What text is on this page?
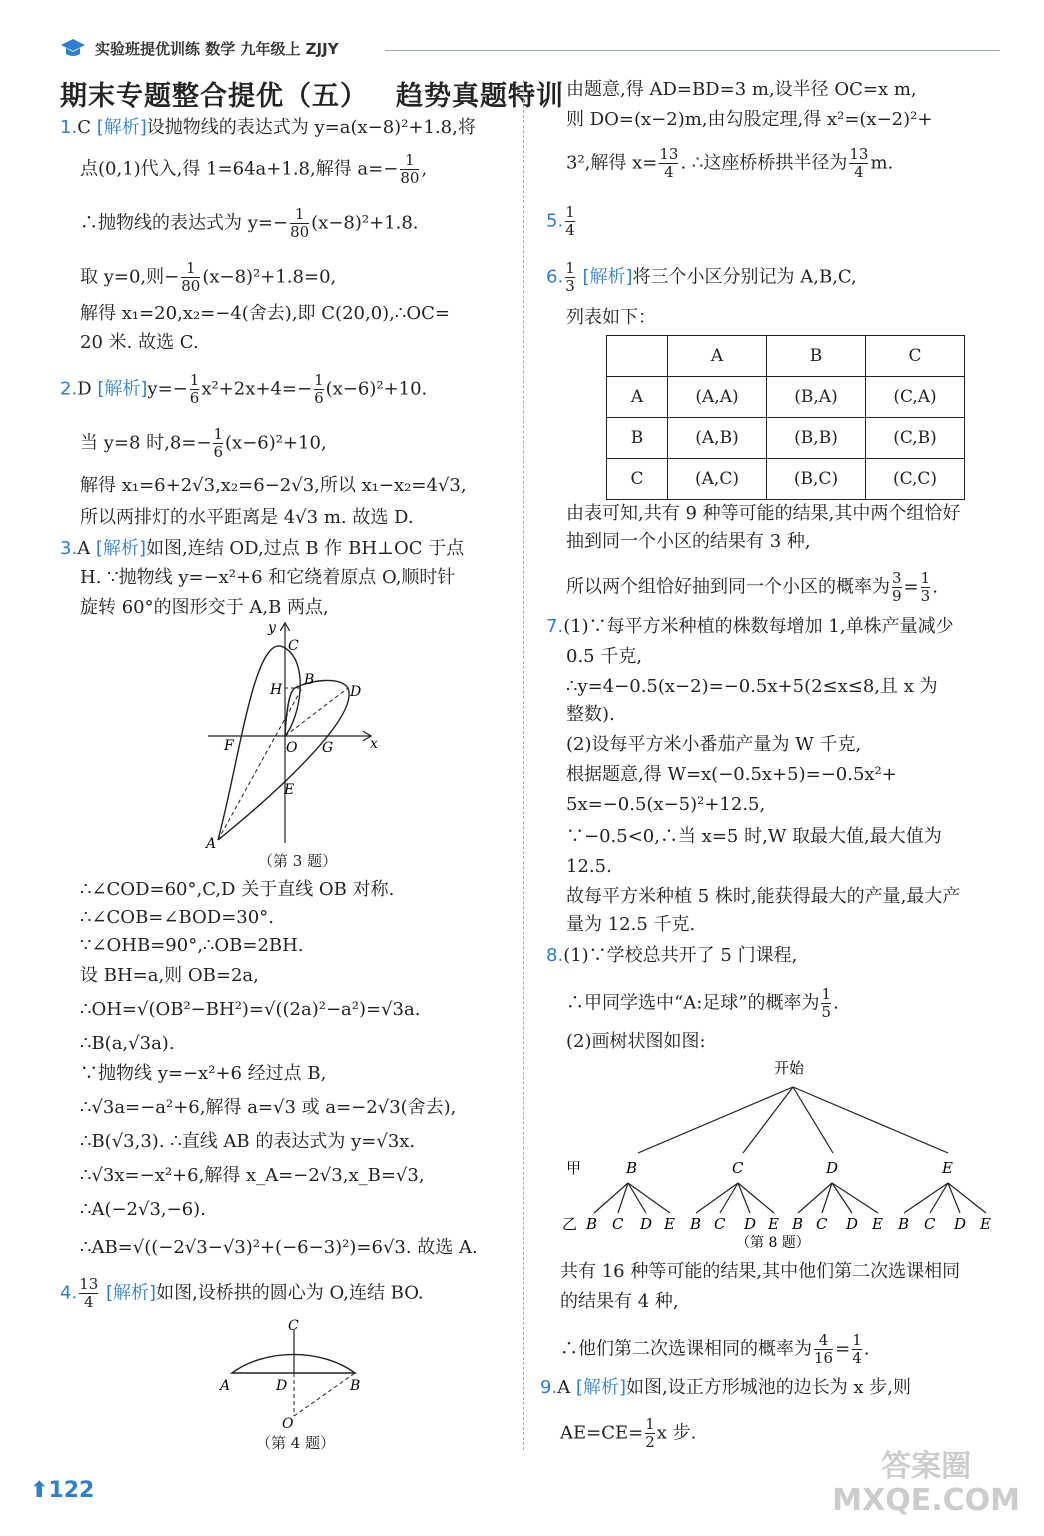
实验班提优训练 数学 九年级上 ZJJY
期末专题整合提优（五） 趋势真题特训
1.C [解析]设抛物线的表达式为 y=a(x−8)²+1.8,将
点(0,1)代入,得 1=64a+1.8,解得 $a=- \frac{1}{80}$ ,
∴抛物线的表达式为 $y=- \frac{1}{80} (x-8)^2+1.8$.
取 y=0,则− $\frac{1}{80} (x-8)^2+1.8=0$,
解得 x₁=20,x₂=−4(舍去),即 C(20,0),∴OC=
20 米. 故选 C.
2.D [解析]$y=- \frac{1}{6} x^2+2x+4=- \frac{1}{6} (x-6)^2+10$.
当 y=8 时$,8=- \frac{1}{6} (x-6)^2+10$,
解得 x₁=6+2√3,x₂=6−2√3,所以 x₁−x₂=4√3,
所以两排灯的水平距离是 4√3 m. 故选 D.
3.A [解析]如图,连结 OD,过点 B 作 BH⊥OC 于点
H. ∵抛物线 y=−x²+6 和它绕着原点 O,顺时针
旋转 60°的图形交于 A,B 两点,
y
x
C
B
H	D
F	O G
E
A
（第 3 题）
∴∠COD=60°,C,D 关于直线 OB 对称.
∴∠COB=∠BOD=30°.
∵∠OHB=90°,∴OB=2BH.
设 BH=a,则 OB=2a,
∴OH=√(OB²−BH²)=√((2a)²−a²)=√3a.
∴B(a,√3a).
∵抛物线 y=−x²+6 经过点 B,
∴√3a=−a²+6,解得 a=√3 或 a=−2√3(舍去),
∴B(√3,3). ∴直线 AB 的表达式为 y=√3x.
∴√3x=−x²+6,解得 x_A=−2√3,x_B=√3,
∴A(−2√3,−6).
∴AB=√((−2√3−√3)²+(−6−3)²)=6√3. 故选 A.
4. $\frac{13}{4}$ [解析]如图,设桥拱的圆心为 O,连结 BO.
C
A	D	B
O
（第 4 题）
由题意,得 AD=BD=3 m,设半径 OC=x m,
则 DO=(x−2)m,由勾股定理,得 x²=(x−2)²+
3²,解得 $x= \frac{13}{4}$ . ∴这座桥桥拱半径为 $\frac{13}{4} m$.
5. $\frac{1}{4}$
6. $\frac{1}{3}$ [解析]将三个小区分别记为 A,B,C,
列表如下：
	A	B	C
A	(A,A)	(B,A)	(C,A)
B	(A,B)	(B,B)	(C,B)
C	(A,C)	(B,C)	(C,C)
由表可知,共有 9 种等可能的结果,其中两个组恰好
抽到同一个小区的结果有 3 种,
所以两个组恰好抽到同一个小区的概率为 $\frac{3}{9} = \frac{1}{3}$ .
7.(1)∵每平方米种植的株数每增加 1,单株产量减少
0.5 千克,
∴y=4−0.5(x−2)=−0.5x+5(2≤x≤8,且 x 为
整数).
(2)设每平方米小番茄产量为 W 千克,
根据题意,得 W=x(−0.5x+5)=−0.5x²+
5x=−0.5(x−5)²+12.5,
∵−0.5<0,∴当 x=5 时,W 取最大值,最大值为
12.5.
故每平方米种植 5 株时,能获得最大的产量,最大产
量为 12.5 千克.
8.(1)∵学校总共开了 5 门课程,
∴甲同学选中“A:足球”的概率为 $\frac{1}{5}$ .
(2)画树状图如图:
开始
甲	B	C	D	E
乙 B C D E B C D E B C D E B C D E
（第 8 题）
共有 16 种等可能的结果,其中他们第二次选课相同
的结果有 4 种,
∴他们第二次选课相同的概率为 $\frac{4}{16} = \frac{1}{4}$ .
9.A [解析]如图,设正方形城池的边长为 x 步,则
$AE=CE= \frac{1}{2}$ x 步.
⬆122
答案圈
MXQE.COM
